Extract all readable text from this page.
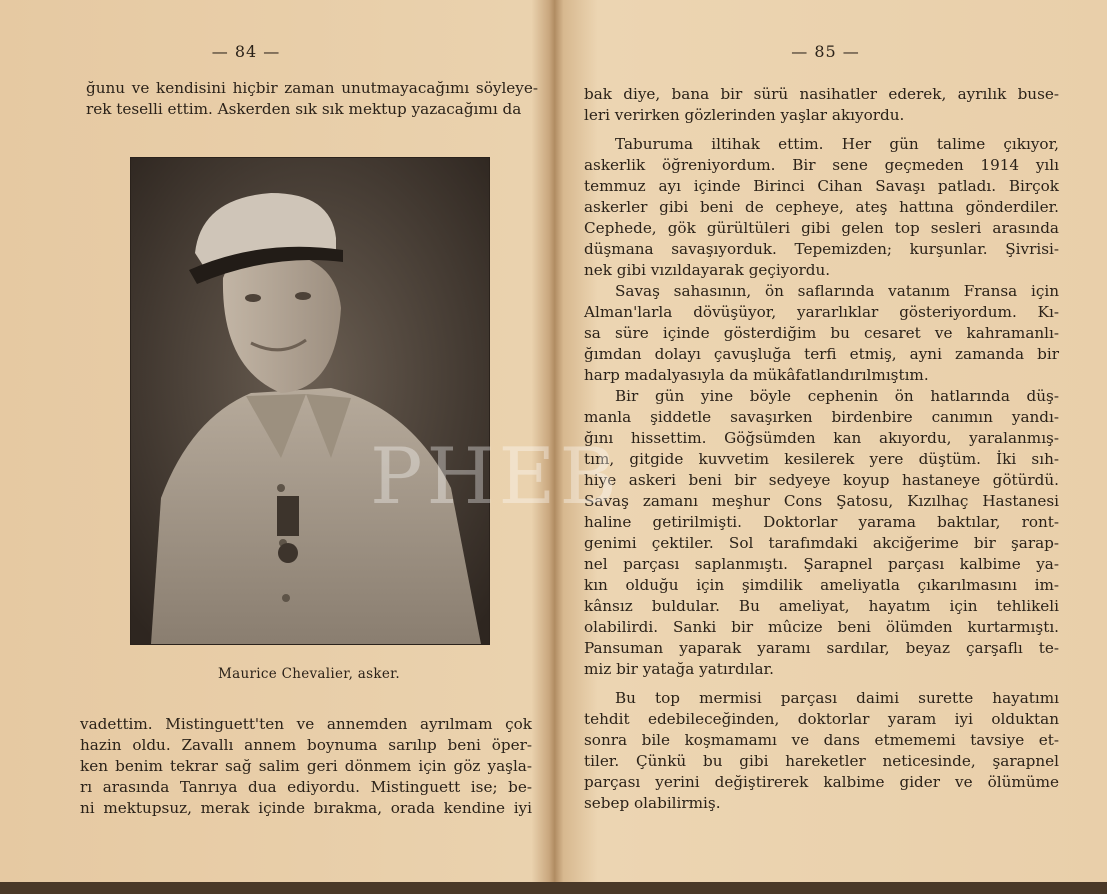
— 84 —

ğunu ve kendisini hiçbir zaman unutmayacağımı söyleye-

rek teselli ettim. Askerden sık sık mektup yazacağımı da

Maurice Chevalier, asker.

vadettim. Mistinguett'ten ve annemden ayrılmam çok

hazin oldu. Zavallı annem boynuma sarılıp beni öper-

ken benim tekrar sağ salim geri dönmem için göz yaşla-

rı arasında Tanrıya dua ediyordu. Mistinguett ise; be-

ni mektupsuz, merak içinde bırakma, orada kendine iyi

— 85 —

bak diye, bana bir sürü nasihatler ederek, ayrılık buse-

leri verirken gözlerinden yaşlar akıyordu.

Taburuma iltihak ettim. Her gün talime çıkıyor,

askerlik öğreniyordum. Bir sene geçmeden 1914 yılı

temmuz ayı içinde Birinci Cihan Savaşı patladı. Birçok

askerler gibi beni de cepheye, ateş hattına gönderdiler.

Cephede, gök gürültüleri gibi gelen top sesleri arasında

düşmana savaşıyorduk. Tepemizden; kurşunlar. Şivrisi-

nek gibi vızıldayarak geçiyordu.

Savaş sahasının, ön saflarında vatanım Fransa için

Alman'larla dövüşüyor, yararlıklar gösteriyordum. Kı-

sa süre içinde gösterdiğim bu cesaret ve kahramanlı-

ğımdan dolayı çavuşluğa terfi etmiş, ayni zamanda bir

harp madalyasıyla da mükâfatlandırılmıştım.

Bir gün yine böyle cephenin ön hatlarında düş-

manla şiddetle savaşırken birdenbire canımın yandı-

ğını hissettim. Göğsümden kan akıyordu, yaralanmış-

tım, gitgide kuvvetim kesilerek yere düştüm. İki sıh-

hiye askeri beni bir sedyeye koyup hastaneye götürdü.

Savaş zamanı meşhur Cons Şatosu, Kızılhaç Hastanesi

haline getirilmişti. Doktorlar yarama baktılar, ront-

genimi çektiler. Sol tarafımdaki akciğerime bir şarap-

nel parçası saplanmıştı. Şarapnel parçası kalbime ya-

kın olduğu için şimdilik ameliyatla çıkarılmasını im-

kânsız buldular. Bu ameliyat, hayatım için tehlikeli

olabilirdi. Sanki bir mûcize beni ölümden kurtarmıştı.

Pansuman yaparak yaramı sardılar, beyaz çarşaflı te-

miz bir yatağa yatırdılar.

Bu top mermisi parçası daimi surette hayatımı

tehdit edebileceğinden, doktorlar yaram iyi olduktan

sonra bile koşmamamı ve dans etmememi tavsiye et-

tiler. Çünkü bu gibi hareketler neticesinde, şarapnel

parçası yerini değiştirerek kalbime gider ve ölümüme

sebep olabilirmiş.

PHEB
